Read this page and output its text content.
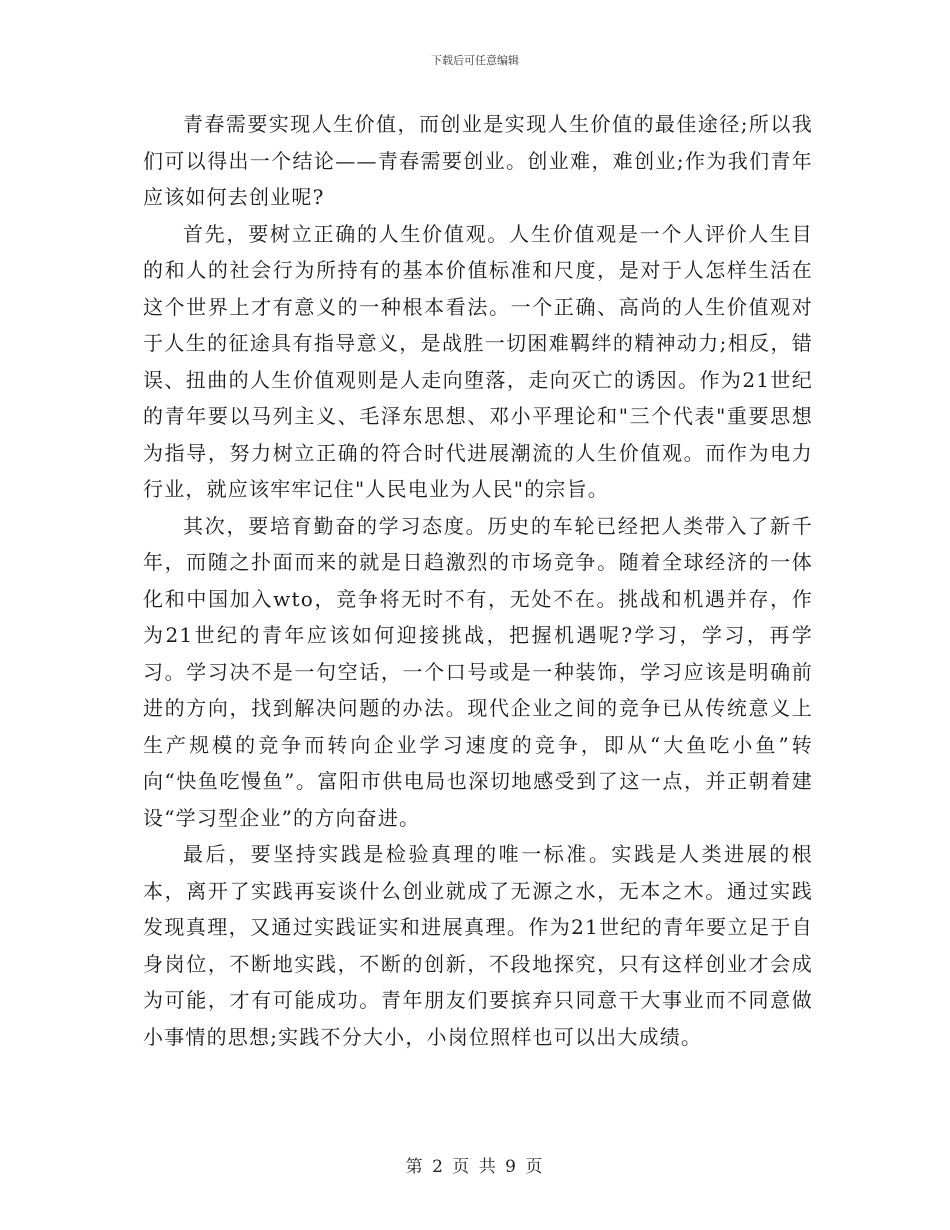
下载后可任意编辑

青春需要实现人生价值，而创业是实现人生价值的最佳途径;所以我们可以得出一个结论——青春需要创业。创业难，难创业;作为我们青年应该如何去创业呢?

首先，要树立正确的人生价值观。人生价值观是一个人评价人生目的和人的社会行为所持有的基本价值标准和尺度，是对于人怎样生活在这个世界上才有意义的一种根本看法。一个正确、高尚的人生价值观对于人生的征途具有指导意义，是战胜一切困难羁绊的精神动力;相反，错误、扭曲的人生价值观则是人走向堕落，走向灭亡的诱因。作为21世纪的青年要以马列主义、毛泽东思想、邓小平理论和"三个代表"重要思想为指导，努力树立正确的符合时代进展潮流的人生价值观。而作为电力行业，就应该牢牢记住"人民电业为人民"的宗旨。

其次，要培育勤奋的学习态度。历史的车轮已经把人类带入了新千年，而随之扑面而来的就是日趋激烈的市场竞争。随着全球经济的一体化和中国加入wto，竞争将无时不有，无处不在。挑战和机遇并存，作为21世纪的青年应该如何迎接挑战，把握机遇呢?学习，学习，再学习。学习决不是一句空话，一个口号或是一种装饰，学习应该是明确前进的方向，找到解决问题的办法。现代企业之间的竞争已从传统意义上生产规模的竞争而转向企业学习速度的竞争，即从“大鱼吃小鱼”转向“快鱼吃慢鱼”。富阳市供电局也深切地感受到了这一点，并正朝着建设“学习型企业”的方向奋进。

最后，要坚持实践是检验真理的唯一标准。实践是人类进展的根本，离开了实践再妄谈什么创业就成了无源之水，无本之木。通过实践发现真理，又通过实践证实和进展真理。作为21世纪的青年要立足于自身岗位，不断地实践，不断的创新，不段地探究，只有这样创业才会成为可能，才有可能成功。青年朋友们要摈弃只同意干大事业而不同意做小事情的思想;实践不分大小，小岗位照样也可以出大成绩。

第 2 页 共 9 页
